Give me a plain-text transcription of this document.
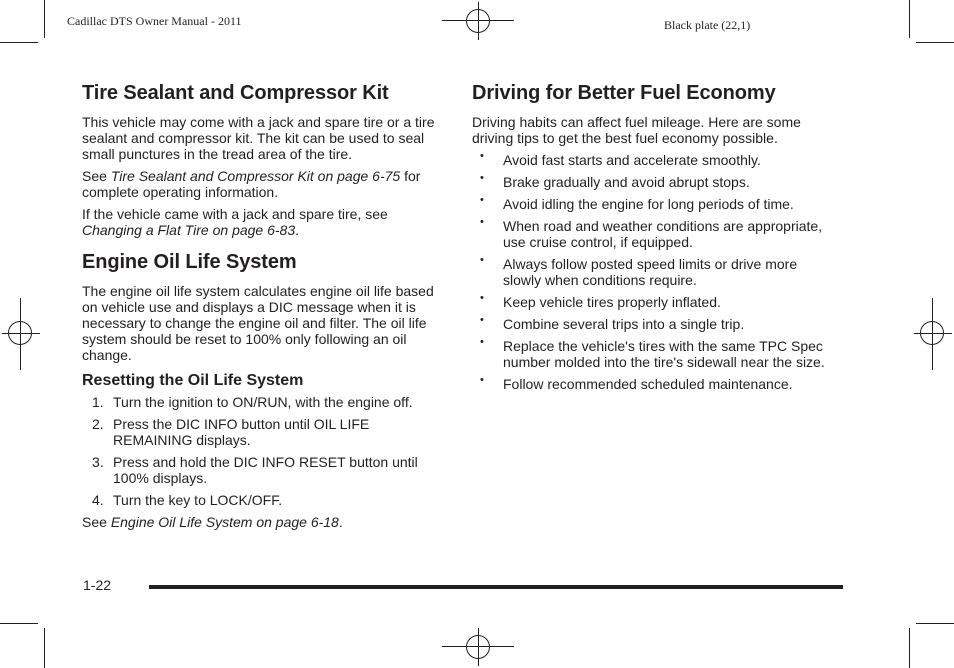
Cadillac DTS Owner Manual - 2011	Black plate (22,1)
Tire Sealant and Compressor Kit

This vehicle may come with a jack and spare tire or a tire sealant and compressor kit. The kit can be used to seal small punctures in the tread area of the tire.

See Tire Sealant and Compressor Kit on page 6-75 for complete operating information.

If the vehicle came with a jack and spare tire, see Changing a Flat Tire on page 6-83.

Engine Oil Life System

The engine oil life system calculates engine oil life based on vehicle use and displays a DIC message when it is necessary to change the engine oil and filter. The oil life system should be reset to 100% only following an oil change.

Resetting the Oil Life System
1. Turn the ignition to ON/RUN, with the engine off.
2. Press the DIC INFO button until OIL LIFE REMAINING displays.
3. Press and hold the DIC INFO RESET button until 100% displays.
4. Turn the key to LOCK/OFF.

See Engine Oil Life System on page 6-18.

Driving for Better Fuel Economy

Driving habits can affect fuel mileage. Here are some driving tips to get the best fuel economy possible.

• Avoid fast starts and accelerate smoothly.
• Brake gradually and avoid abrupt stops.
• Avoid idling the engine for long periods of time.
• When road and weather conditions are appropriate, use cruise control, if equipped.
• Always follow posted speed limits or drive more slowly when conditions require.
• Keep vehicle tires properly inflated.
• Combine several trips into a single trip.
• Replace the vehicle's tires with the same TPC Spec number molded into the tire's sidewall near the size.
• Follow recommended scheduled maintenance.
1-22
